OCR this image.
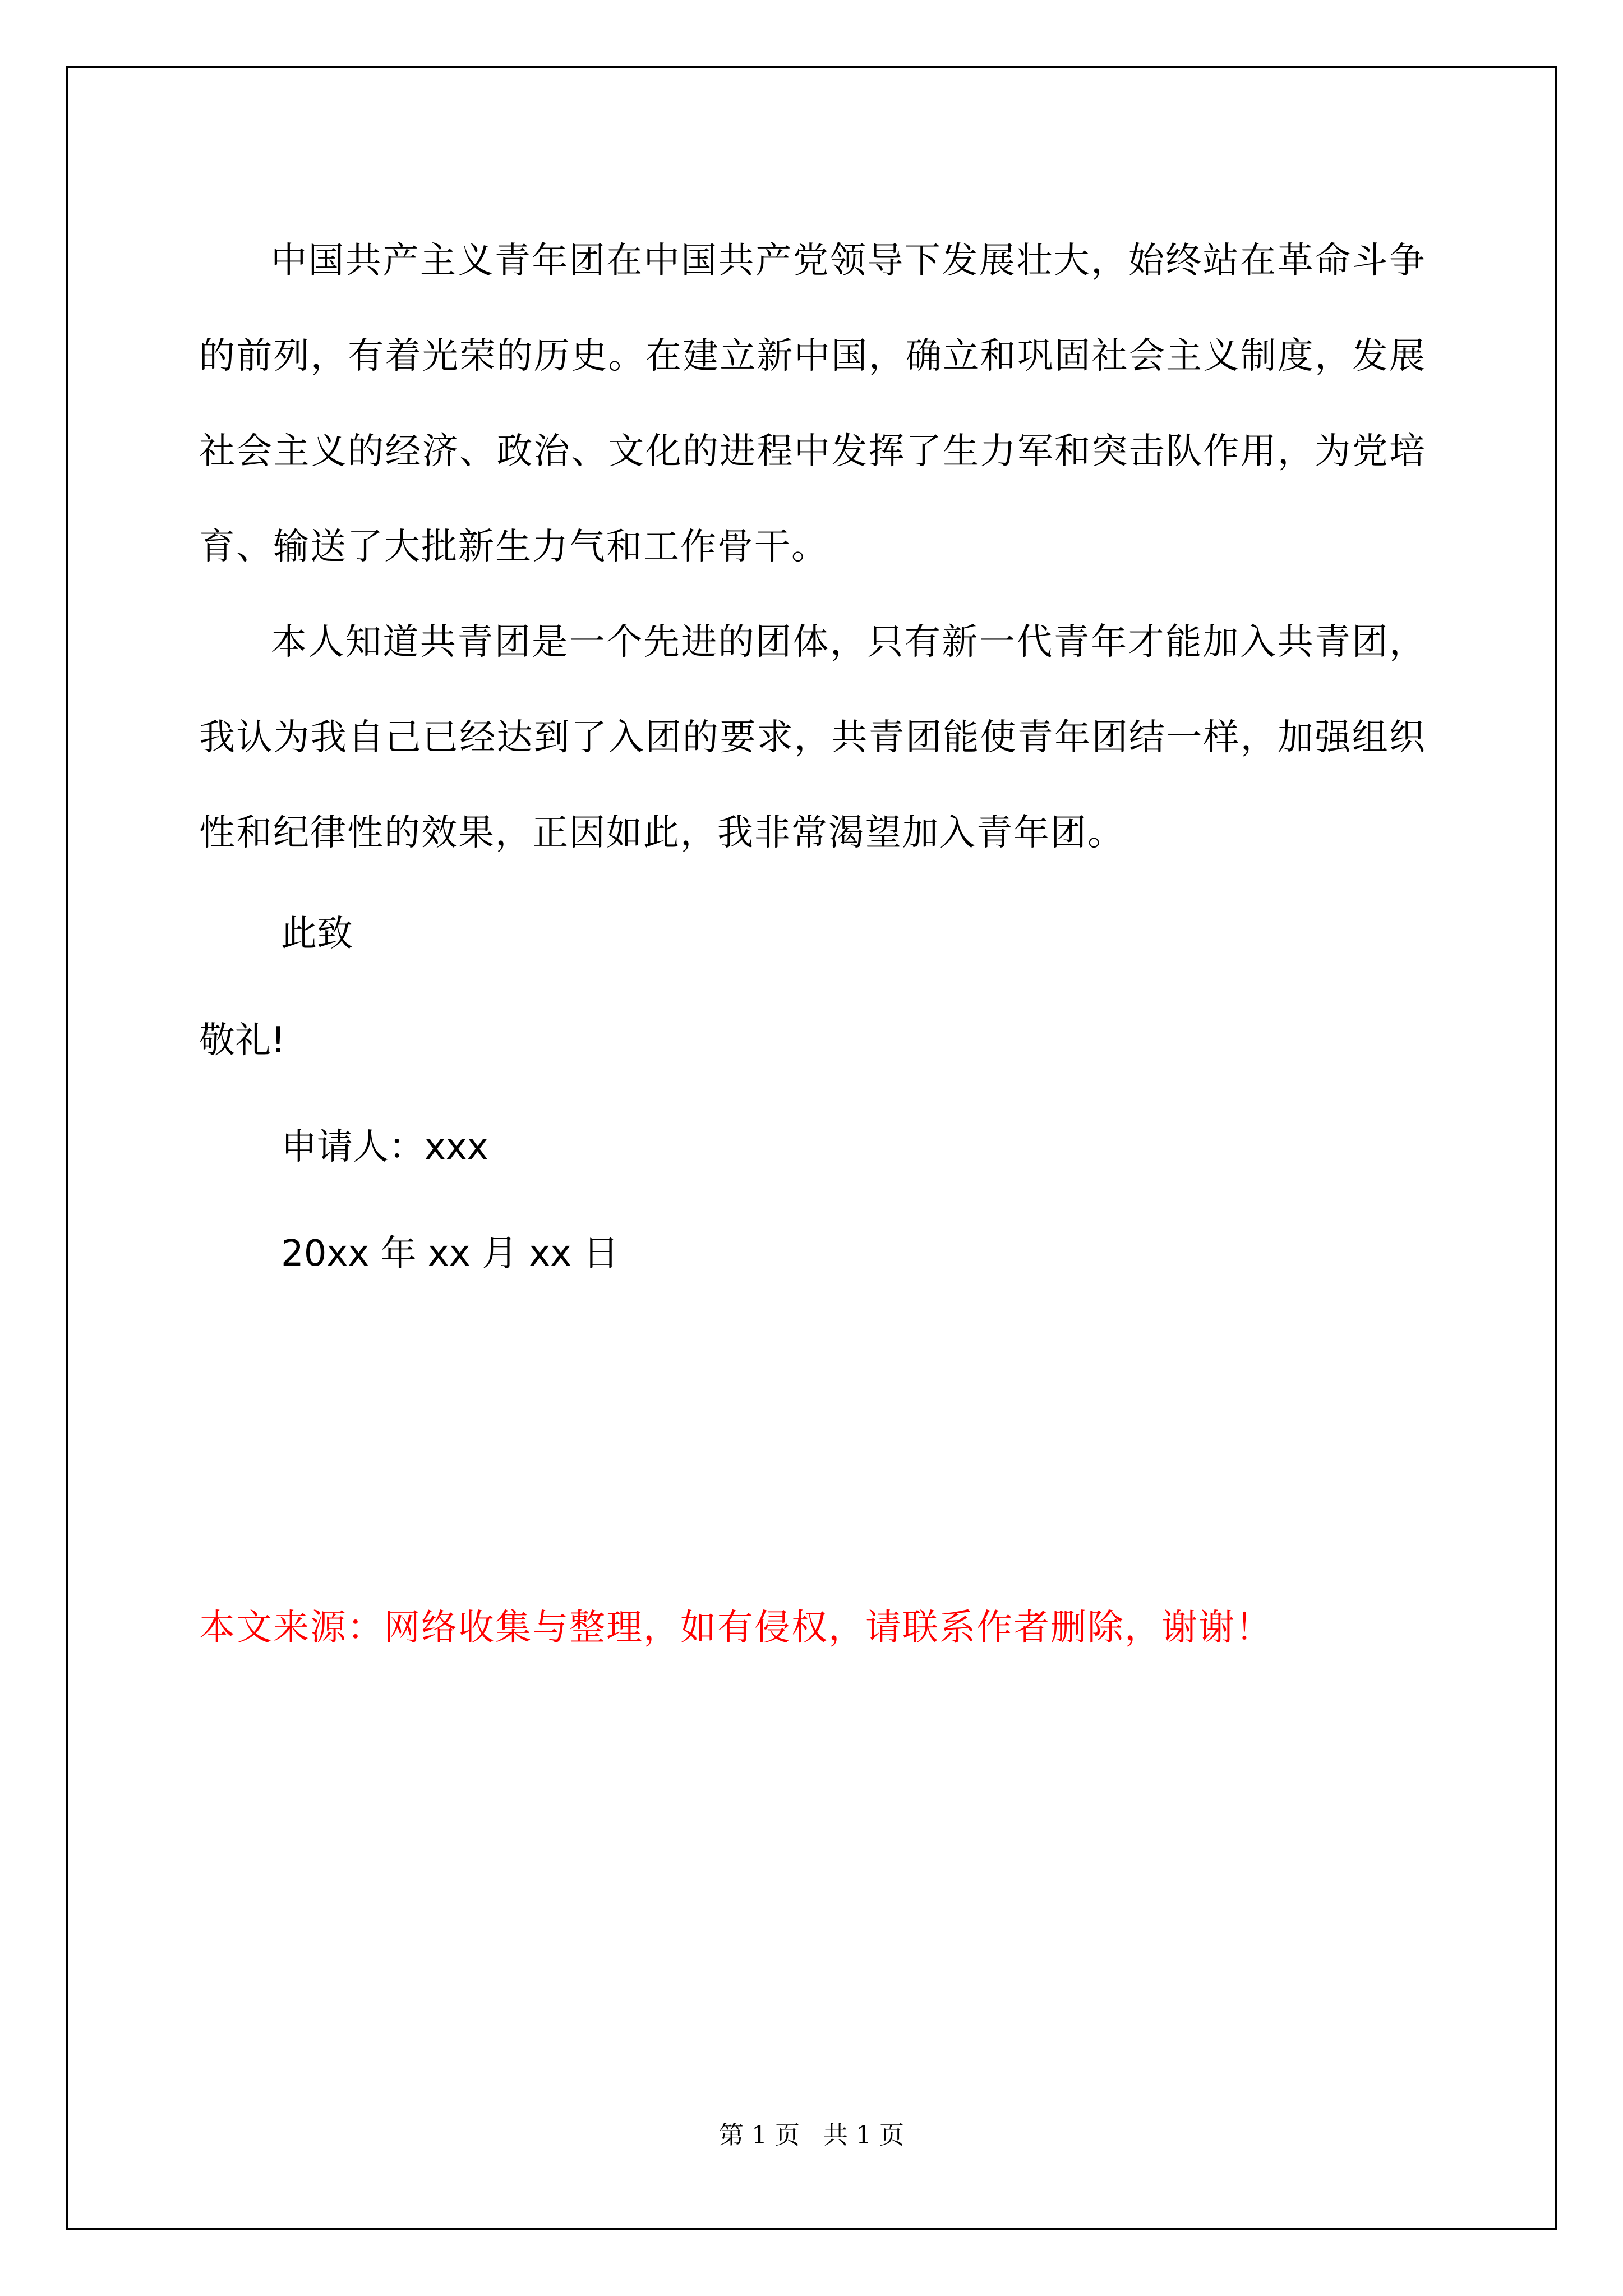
中国共产主义青年团在中国共产党领导下发展壮大，始终站在革命斗争的前列，有着光荣的历史。在建立新中国，确立和巩固社会主义制度，发展社会主义的经济、政治、文化的进程中发挥了生力军和突击队作用，为党培育、输送了大批新生力气和工作骨干。

本人知道共青团是一个先进的团体，只有新一代青年才能加入共青团，我认为我自己已经达到了入团的要求，共青团能使青年团结一样，加强组织性和纪律性的效果，正因如此，我非常渴望加入青年团。

此致

敬礼!

申请人：xxx

20xx 年 xx 月 xx 日

本文来源：网络收集与整理，如有侵权，请联系作者删除，谢谢！
第 1 页   共 1 页
